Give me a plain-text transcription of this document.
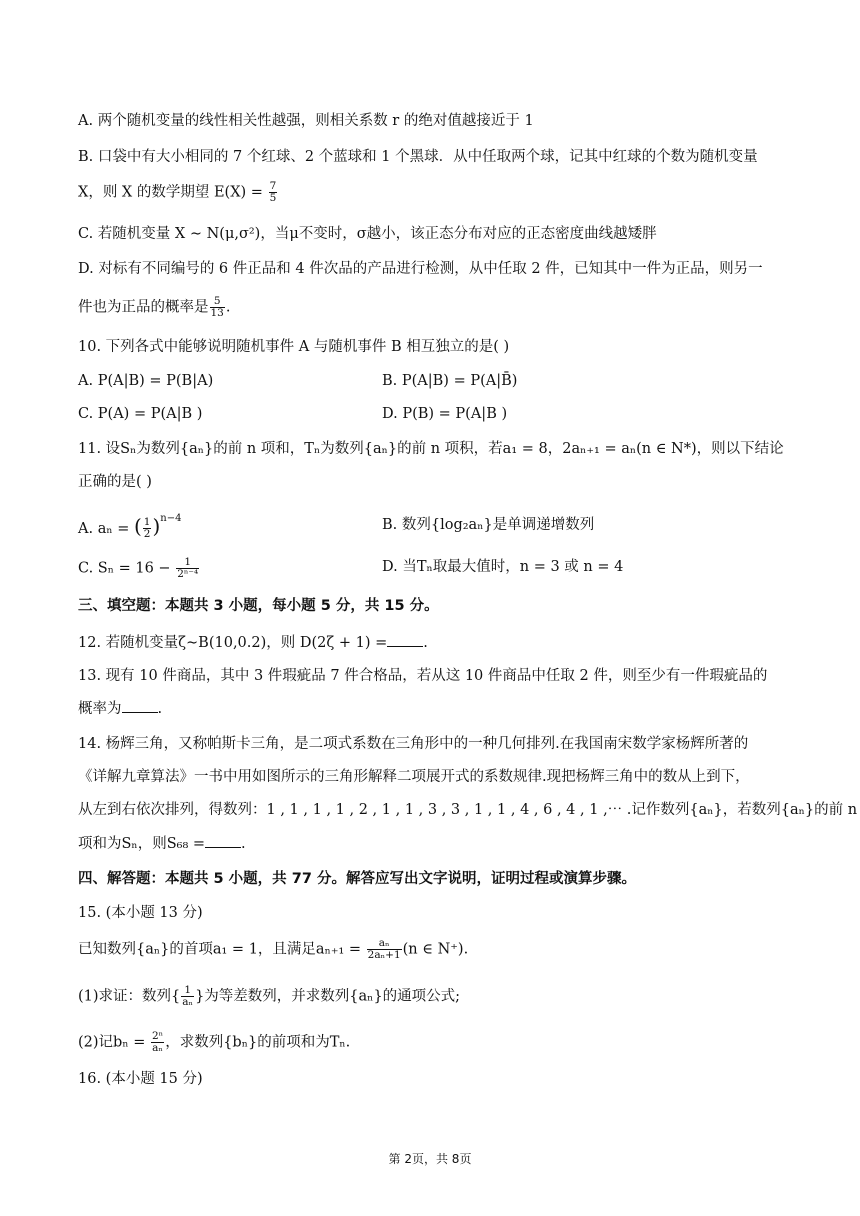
A. 两个随机变量的线性相关性越强，则相关系数 r 的绝对值越接近于 1
B. 口袋中有大小相同的 7 个红球、2 个蓝球和 1 个黑球．从中任取两个球，记其中红球的个数为随机变量
X，则 X 的数学期望 $E(X) = \frac{7}{5}$
C. 若随机变量 X ∼ N(μ,σ²)，当μ不变时，σ越小，该正态分布对应的正态密度曲线越矮胖
D. 对标有不同编号的 6 件正品和 4 件次品的产品进行检测，从中任取 2 件，已知其中一件为正品，则另一
件也为正品的概率是 $\frac{5}{13}$ .
10. 下列各式中能够说明随机事件 A 与随机事件 B 相互独立的是( )
A. P(A|B) = P(B|A)	B. P(A|B) = P(A|B̄)
C. P(A) = P(A|B )	D. P(B) = P(A|B )
11. 设Sₙ为数列{aₙ}的前 n 项和，Tₙ为数列{aₙ}的前 n 项积，若a₁ = 8，2aₙ₊₁ = aₙ(n ∈ N*)，则以下结论
正确的是( )
A. aₙ = ( $\frac{1}{2} )^{n-4}$	B. 数列{log₂aₙ}是单调递增数列
C. $S_n = 16 - \frac{1}{\text{2ⁿ⁻⁴}}$	D. 当Tₙ取最大值时，n = 3 或 n = 4
三、填空题：本题共 3 小题，每小题 5 分，共 15 分。
12. 若随机变量ζ∼B(10,0.2)，则 D(2ζ + 1) = .
13. 现有 10 件商品，其中 3 件瑕疵品 7 件合格品，若从这 10 件商品中任取 2 件，则至少有一件瑕疵品的
概率为 .
14. 杨辉三角，又称帕斯卡三角，是二项式系数在三角形中的一种几何排列.在我国南宋数学家杨辉所著的
《详解九章算法》一书中用如图所示的三角形解释二项展开式的系数规律.现把杨辉三角中的数从上到下，
从左到右依次排列，得数列：1 , 1 , 1 , 1 , 2 , 1 , 1 , 3 , 3 , 1 , 1 , 4 , 6 , 4 , 1 ,⋯ .记作数列{aₙ}，若数列{aₙ}的前 n
项和为Sₙ，则S₆₈ = .
四、解答题：本题共 5 小题，共 77 分。解答应写出文字说明，证明过程或演算步骤。
15. (本小题 13 分)
已知数列{aₙ}的首项a₁ = 1，且满足$a_{n+1} = \frac{\text{aₙ}}{\text{2aₙ+1}} (n$ ∈ N⁺).
(1)求证：数列{ $\frac{1}{\text{aₙ}}$ }为等差数列，并求数列{aₙ}的通项公式;
(2)记$b_n = \frac{\text{2ⁿ}}{\text{aₙ}}$ ，求数列{bₙ}的前项和为Tₙ.
16. (本小题 15 分)
第 2页，共 8页
